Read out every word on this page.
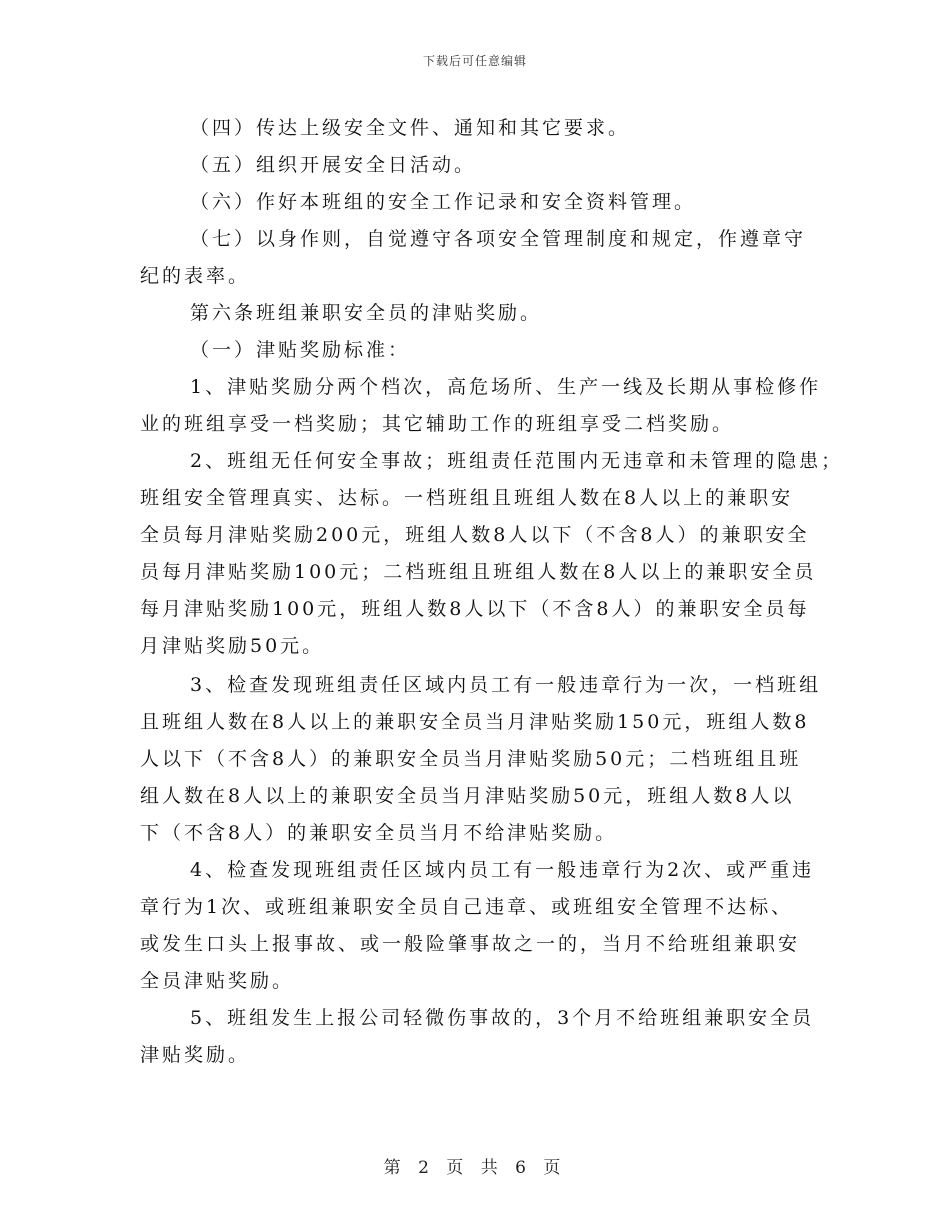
下载后可任意编辑
（四）传达上级安全文件、通知和其它要求。
（五）组织开展安全日活动。
（六）作好本班组的安全工作记录和安全资料管理。
（七）以身作则，自觉遵守各项安全管理制度和规定，作遵章守
纪的表率。
第六条班组兼职安全员的津贴奖励。
（一）津贴奖励标准：
1、津贴奖励分两个档次，高危场所、生产一线及长期从事检修作
业的班组享受一档奖励；其它辅助工作的班组享受二档奖励。
2、班组无任何安全事故；班组责任范围内无违章和未管理的隐患；
班组安全管理真实、达标。一档班组且班组人数在8人以上的兼职安
全员每月津贴奖励200元，班组人数8人以下（不含8人）的兼职安全
员每月津贴奖励100元；二档班组且班组人数在8人以上的兼职安全员
每月津贴奖励100元，班组人数8人以下（不含8人）的兼职安全员每
月津贴奖励50元。
3、检查发现班组责任区域内员工有一般违章行为一次，一档班组
且班组人数在8人以上的兼职安全员当月津贴奖励150元，班组人数8
人以下（不含8人）的兼职安全员当月津贴奖励50元；二档班组且班
组人数在8人以上的兼职安全员当月津贴奖励50元，班组人数8人以
下（不含8人）的兼职安全员当月不给津贴奖励。
4、检查发现班组责任区域内员工有一般违章行为2次、或严重违
章行为1次、或班组兼职安全员自己违章、或班组安全管理不达标、
或发生口头上报事故、或一般险肇事故之一的，当月不给班组兼职安
全员津贴奖励。
5、班组发生上报公司轻微伤事故的，3个月不给班组兼职安全员
津贴奖励。
第 2 页 共 6 页
